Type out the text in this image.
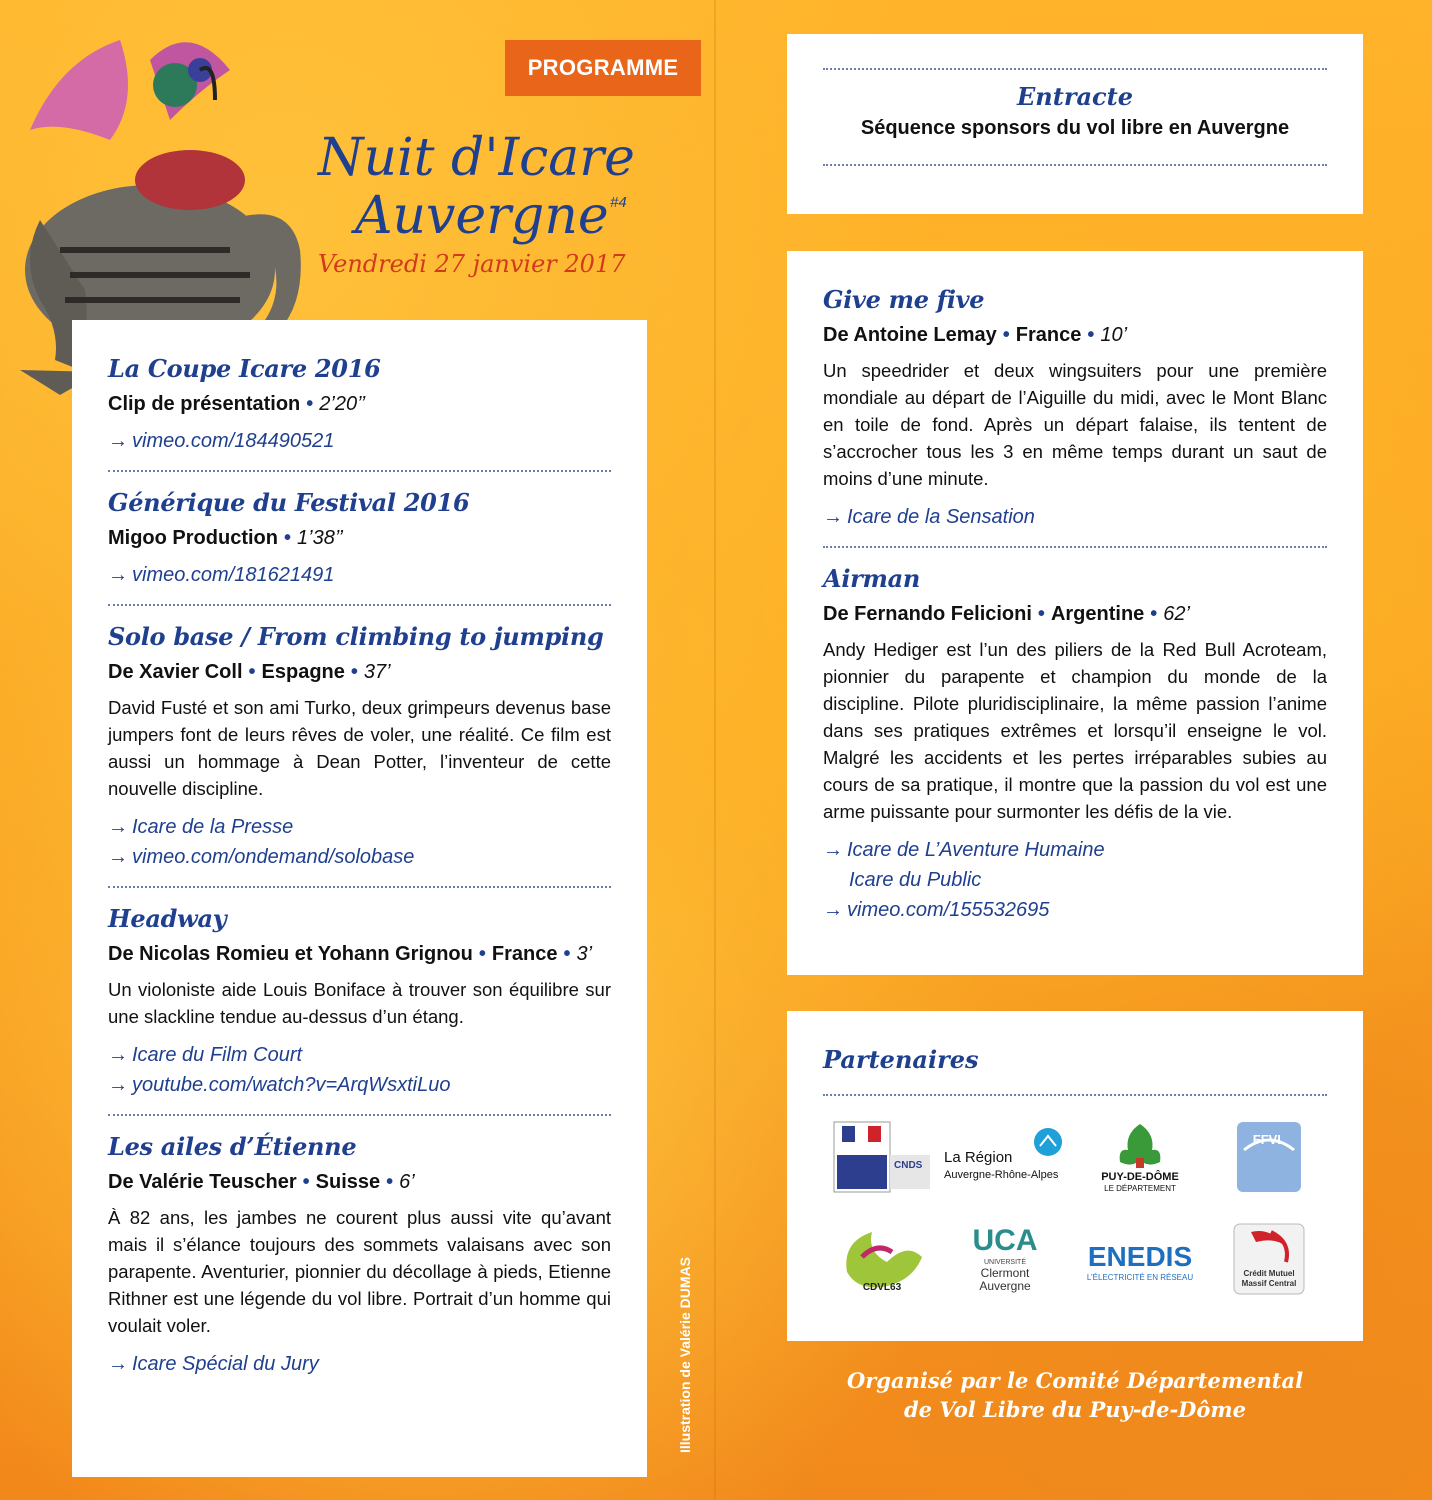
PROGRAMME
Nuit d'Icare
Auvergne #4
Vendredi 27 janvier 2017
La Coupe Icare 2016
Clip de présentation • 2’20’’
→ vimeo.com/184490521
Générique du Festival 2016
Migoo Production • 1’38’’
→ vimeo.com/181621491
Solo base / From climbing to jumping
De Xavier Coll • Espagne • 37’
David Fusté et son ami Turko, deux grimpeurs devenus base jumpers font de leurs rêves de voler, une réalité. Ce film est aussi un hommage à Dean Potter, l’inventeur de cette nouvelle discipline.
→ Icare de la Presse
→ vimeo.com/ondemand/solobase
Headway
De Nicolas Romieu et Yohann Grignou • France • 3’
Un violoniste aide Louis Boniface à trouver son équilibre sur une slackline tendue au-dessus d’un étang.
→ Icare du Film Court
→ youtube.com/watch?v=ArqWsxtiLuo
Les ailes d’Étienne
De Valérie Teuscher • Suisse • 6’
À 82 ans, les jambes ne courent plus aussi vite qu’avant mais il s’élance toujours des sommets valaisans avec son parapente. Aventurier, pionnier du décollage à pieds, Etienne Rithner est une légende du vol libre. Portrait d’un homme qui voulait voler.
→ Icare Spécial du Jury	Illustration de Valérie DUMAS
Entracte
Séquence sponsors du vol libre en Auvergne
Give me five
De Antoine Lemay • France • 10’
Un speedrider et deux wingsuiters pour une première mondiale au départ de l’Aiguille du midi, avec le Mont Blanc en toile de fond. Après un départ falaise, ils tentent de s’accrocher tous les 3 en même temps durant un saut de moins d’une minute.
→ Icare de la Sensation
Airman
De Fernando Felicioni • Argentine • 62’
Andy Hediger est l’un des piliers de la Red Bull Acroteam, pionnier du parapente et champion du monde de la discipline. Pilote pluridisciplinaire, la même passion l’anime dans ses pratiques extrêmes et lorsqu’il enseigne le vol. Malgré les accidents et les pertes irréparables subies au cours de sa pratique, il montre que la passion du vol est une arme puissante pour surmonter les défis de la vie.
→ Icare de L’Aventure Humaine
Icare du Public
→ vimeo.com/155532695
Partenaires
CNDS La Région
Auvergne-Rhône-Alpes	PUY-DE-DÔME
LE DÉPARTEMENT
FFVL
CDVL63
UCA
UNIVERSITÉ
Clermont
Auvergne
ENEDIS
L’ÉLECTRICITÉ EN RÉSEAU	Crédit Mutuel
Massif Central
Organisé par le Comité Départemental
de Vol Libre du Puy-de-Dôme
